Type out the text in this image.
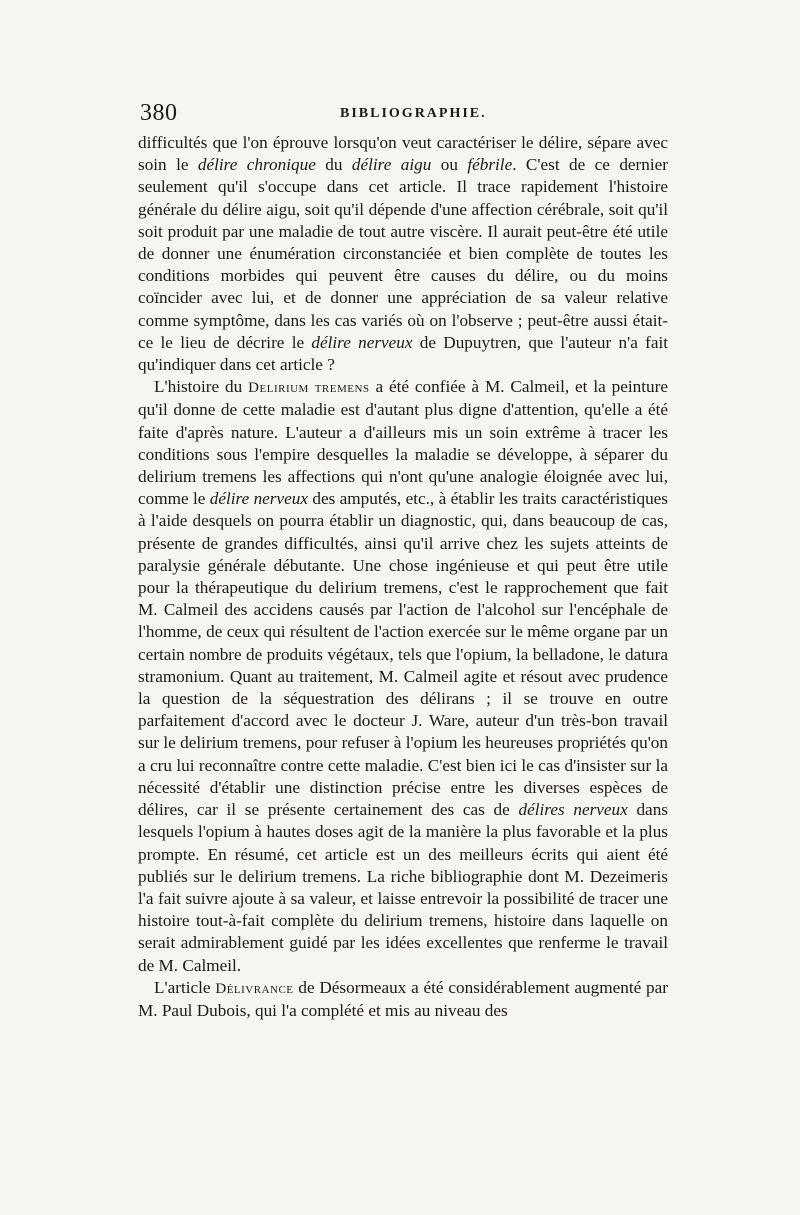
380	BIBLIOGRAPHIE.

difficultés que l'on éprouve lorsqu'on veut caractériser le délire, sépare avec soin le délire chronique du délire aigu ou fébrile. C'est de ce dernier seulement qu'il s'occupe dans cet article. Il trace rapidement l'histoire générale du délire aigu, soit qu'il dépende d'une affection cérébrale, soit qu'il soit produit par une maladie de tout autre viscère. Il aurait peut-être été utile de donner une énumération circonstanciée et bien complète de toutes les conditions morbides qui peuvent être causes du délire, ou du moins coïncider avec lui, et de donner une appréciation de sa valeur relative comme symptôme, dans les cas variés où on l'observe ; peut-être aussi était-ce le lieu de décrire le délire nerveux de Dupuytren, que l'auteur n'a fait qu'indiquer dans cet article ?

L'histoire du Delirium tremens a été confiée à M. Calmeil, et la peinture qu'il donne de cette maladie est d'autant plus digne d'attention, qu'elle a été faite d'après nature. L'auteur a d'ailleurs mis un soin extrême à tracer les conditions sous l'empire desquelles la maladie se développe, à séparer du delirium tremens les affections qui n'ont qu'une analogie éloignée avec lui, comme le délire nerveux des amputés, etc., à établir les traits caractéristiques à l'aide desquels on pourra établir un diagnostic, qui, dans beaucoup de cas, présente de grandes difficultés, ainsi qu'il arrive chez les sujets atteints de paralysie générale débutante. Une chose ingénieuse et qui peut être utile pour la thérapeutique du delirium tremens, c'est le rapprochement que fait M. Calmeil des accidens causés par l'action de l'alcohol sur l'encéphale de l'homme, de ceux qui résultent de l'action exercée sur le même organe par un certain nombre de produits végétaux, tels que l'opium, la belladone, le datura stramonium. Quant au traitement, M. Calmeil agite et résout avec prudence la question de la séquestration des délirans ; il se trouve en outre parfaitement d'accord avec le docteur J. Ware, auteur d'un très-bon travail sur le delirium tremens, pour refuser à l'opium les heureuses propriétés qu'on a cru lui reconnaître contre cette maladie. C'est bien ici le cas d'insister sur la nécessité d'établir une distinction précise entre les diverses espèces de délires, car il se présente certainement des cas de délires nerveux dans lesquels l'opium à hautes doses agit de la manière la plus favorable et la plus prompte. En résumé, cet article est un des meilleurs écrits qui aient été publiés sur le delirium tremens. La riche bibliographie dont M. Dezeimeris l'a fait suivre ajoute à sa valeur, et laisse entrevoir la possibilité de tracer une histoire tout-à-fait complète du delirium tremens, histoire dans laquelle on serait admirablement guidé par les idées excellentes que renferme le travail de M. Calmeil.

L'article Délivrance de Désormeaux a été considérablement augmenté par M. Paul Dubois, qui l'a complété et mis au niveau des
